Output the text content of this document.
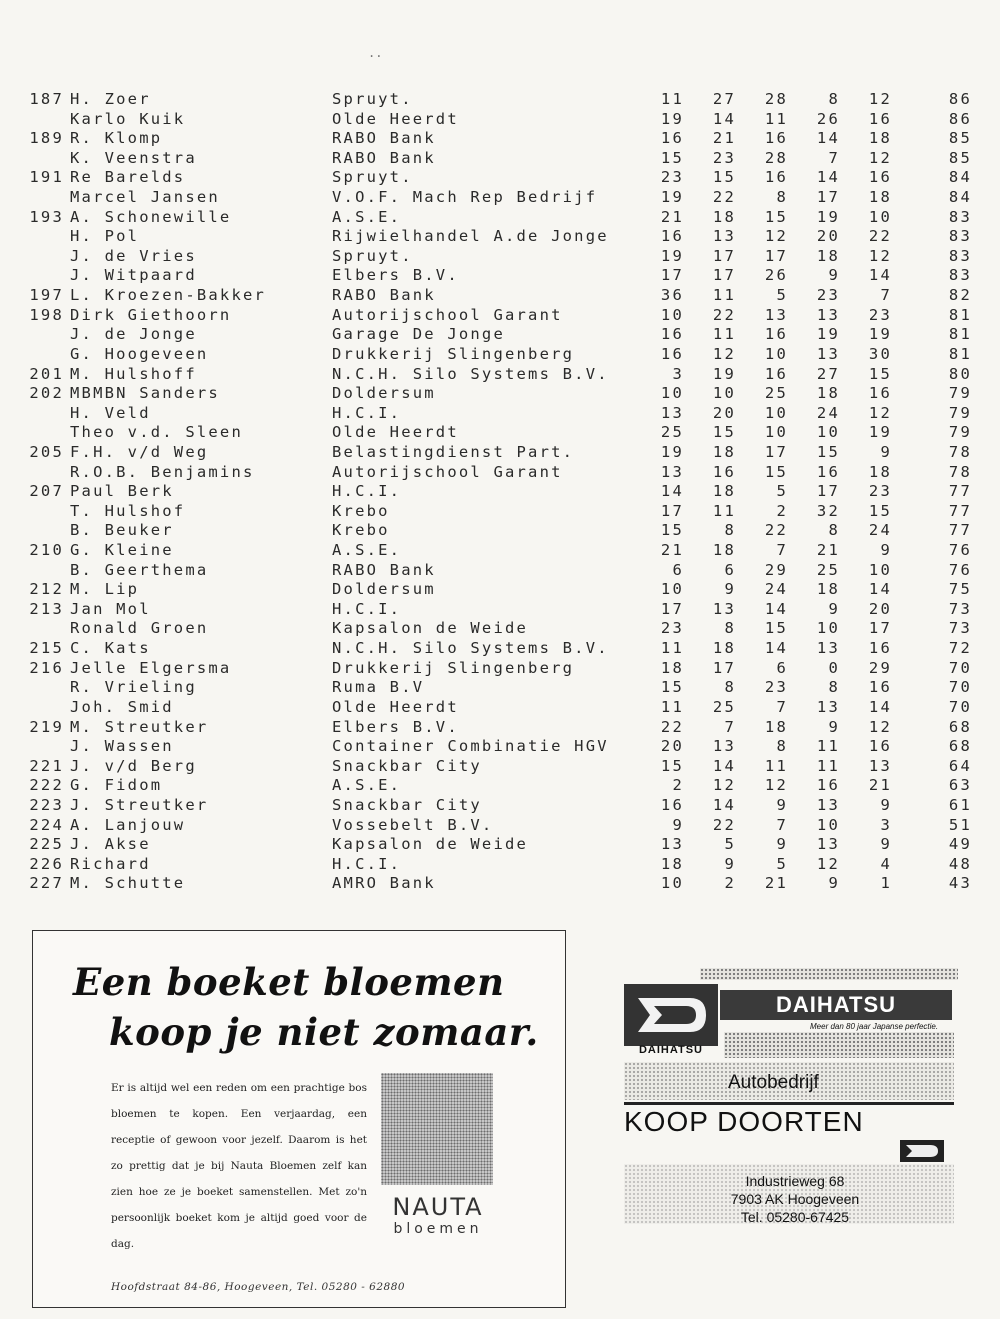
..
187 H. Zoer	Spruyt.	11	27	28	8	12	86
Karlo Kuik	Olde Heerdt	19	14	11	26	16	86
189 R. Klomp	RABO Bank	16	21	16	14	18	85
K. Veenstra	RABO Bank	15	23	28	7	12	85
191 Re Barelds	Spruyt.	23	15	16	14	16	84
Marcel Jansen	V.O.F. Mach Rep Bedrijf	19	22	8	17	18	84
193 A. Schonewille	A.S.E.	21	18	15	19	10	83
H. Pol	Rijwielhandel A.de Jonge	16	13	12	20	22	83
J. de Vries	Spruyt.	19	17	17	18	12	83
J. Witpaard	Elbers B.V.	17	17	26	9	14	83
197 L. Kroezen-Bakker	RABO Bank	36	11	5	23	7	82
198 Dirk Giethoorn	Autorijschool Garant	10	22	13	13	23	81
J. de Jonge	Garage De Jonge	16	11	16	19	19	81
G. Hoogeveen	Drukkerij Slingenberg	16	12	10	13	30	81
201 M. Hulshoff	N.C.H. Silo Systems B.V.	3	19	16	27	15	80
202 MBMBN Sanders	Doldersum	10	10	25	18	16	79
H. Veld	H.C.I.	13	20	10	24	12	79
Theo v.d. Sleen	Olde Heerdt	25	15	10	10	19	79
205 F.H. v/d Weg	Belastingdienst Part.	19	18	17	15	9	78
R.O.B. Benjamins	Autorijschool Garant	13	16	15	16	18	78
207 Paul Berk	H.C.I.	14	18	5	17	23	77
T. Hulshof	Krebo	17	11	2	32	15	77
B. Beuker	Krebo	15	8	22	8	24	77
210 G. Kleine	A.S.E.	21	18	7	21	9	76
B. Geerthema	RABO Bank	6	6	29	25	10	76
212 M. Lip	Doldersum	10	9	24	18	14	75
213 Jan Mol	H.C.I.	17	13	14	9	20	73
Ronald Groen	Kapsalon de Weide	23	8	15	10	17	73
215 C. Kats	N.C.H. Silo Systems B.V.	11	18	14	13	16	72
216 Jelle Elgersma	Drukkerij Slingenberg	18	17	6	0	29	70
R. Vrieling	Ruma B.V	15	8	23	8	16	70
Joh. Smid	Olde Heerdt	11	25	7	13	14	70
219 M. Streutker	Elbers B.V.	22	7	18	9	12	68
J. Wassen	Container Combinatie HGV	20	13	8	11	16	68
221 J. v/d Berg	Snackbar City	15	14	11	11	13	64
222 G. Fidom	A.S.E.	2	12	12	16	21	63
223 J. Streutker	Snackbar City	16	14	9	13	9	61
224 A. Lanjouw	Vossebelt B.V.	9	22	7	10	3	51
225 J. Akse	Kapsalon de Weide	13	5	9	13	9	49
226 Richard	H.C.I.	18	9	5	12	4	48
227 M. Schutte	AMRO Bank	10	2	21	9	1	43
Een boeket bloemen
koop je niet zomaar.
Er is altijd wel een reden om een prachtige bos bloemen te kopen. Een verjaardag, een receptie of gewoon voor jezelf. Daarom is het zo prettig dat je bij Nauta Bloemen zelf kan zien hoe ze je boeket samenstellen. Met zo'n persoonlijk boeket kom je altijd goed voor de dag.
NAUTA
bloemen
Hoofdstraat 84-86, Hoogeveen, Tel. 05280 - 62880
DAIHATSU
DAIHATSU
Meer dan 80 jaar Japanse perfectie.
Autobedrijf
KOOP DOORTEN
Industrieweg 68
7903 AK Hoogeveen
Tel. 05280-67425
